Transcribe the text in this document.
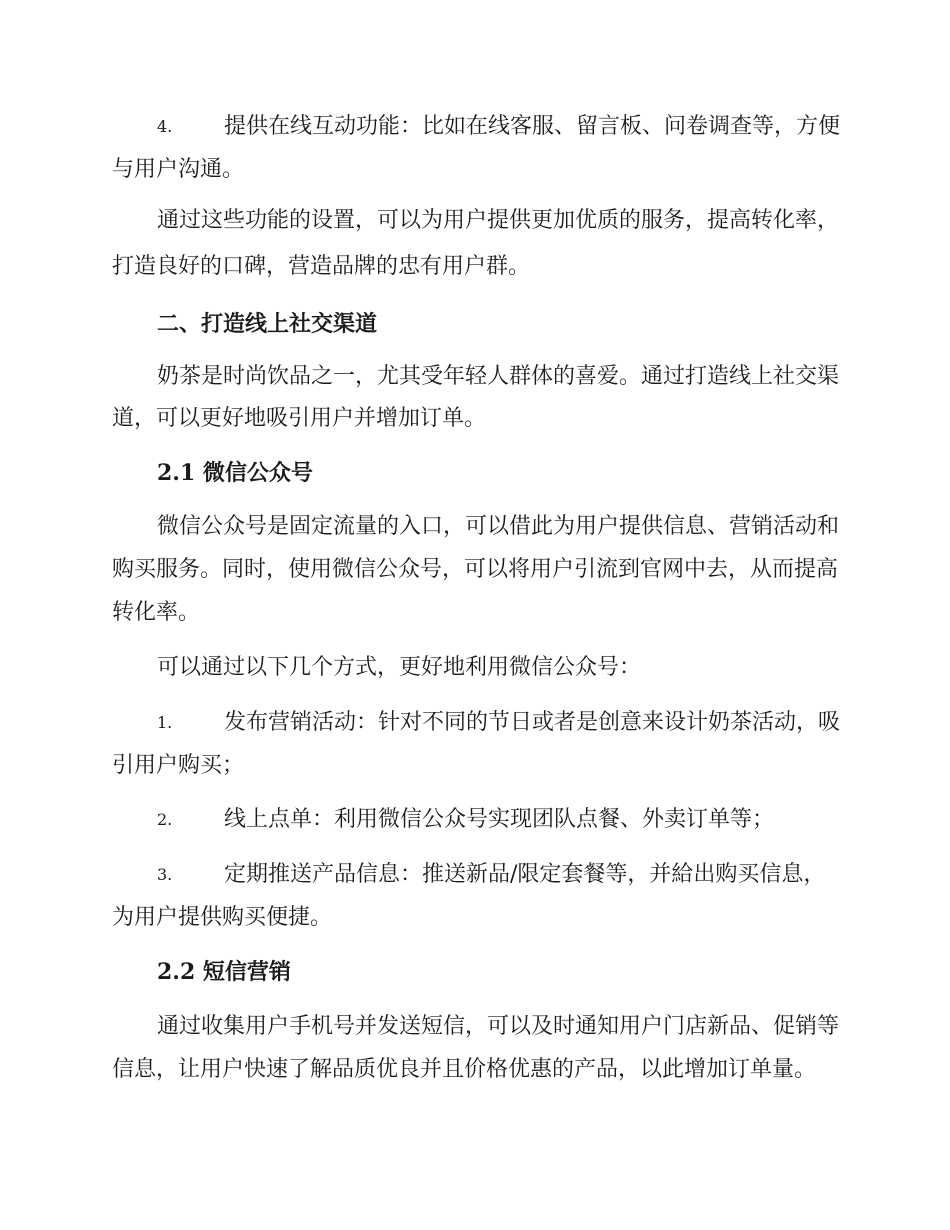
4. 提供在线互动功能：比如在线客服、留言板、问卷调查等，方便
与用户沟通。
通过这些功能的设置，可以为用户提供更加优质的服务，提高转化率，
打造良好的口碑，营造品牌的忠有用户群。
二、打造线上社交渠道
奶茶是时尚饮品之一，尤其受年轻人群体的喜爱。通过打造线上社交渠
道，可以更好地吸引用户并增加订单。
2.1 微信公众号
微信公众号是固定流量的入口，可以借此为用户提供信息、营销活动和
购买服务。同时，使用微信公众号，可以将用户引流到官网中去，从而提高
转化率。
可以通过以下几个方式，更好地利用微信公众号：
1. 发布营销活动：针对不同的节日或者是创意来设计奶茶活动，吸
引用户购买；
2. 线上点单：利用微信公众号实现团队点餐、外卖订单等；
3. 定期推送产品信息：推送新品/限定套餐等，并給出购买信息，
为用户提供购买便捷。
2.2 短信营销
通过收集用户手机号并发送短信，可以及时通知用户门店新品、促销等
信息，让用户快速了解品质优良并且价格优惠的产品，以此增加订单量。
